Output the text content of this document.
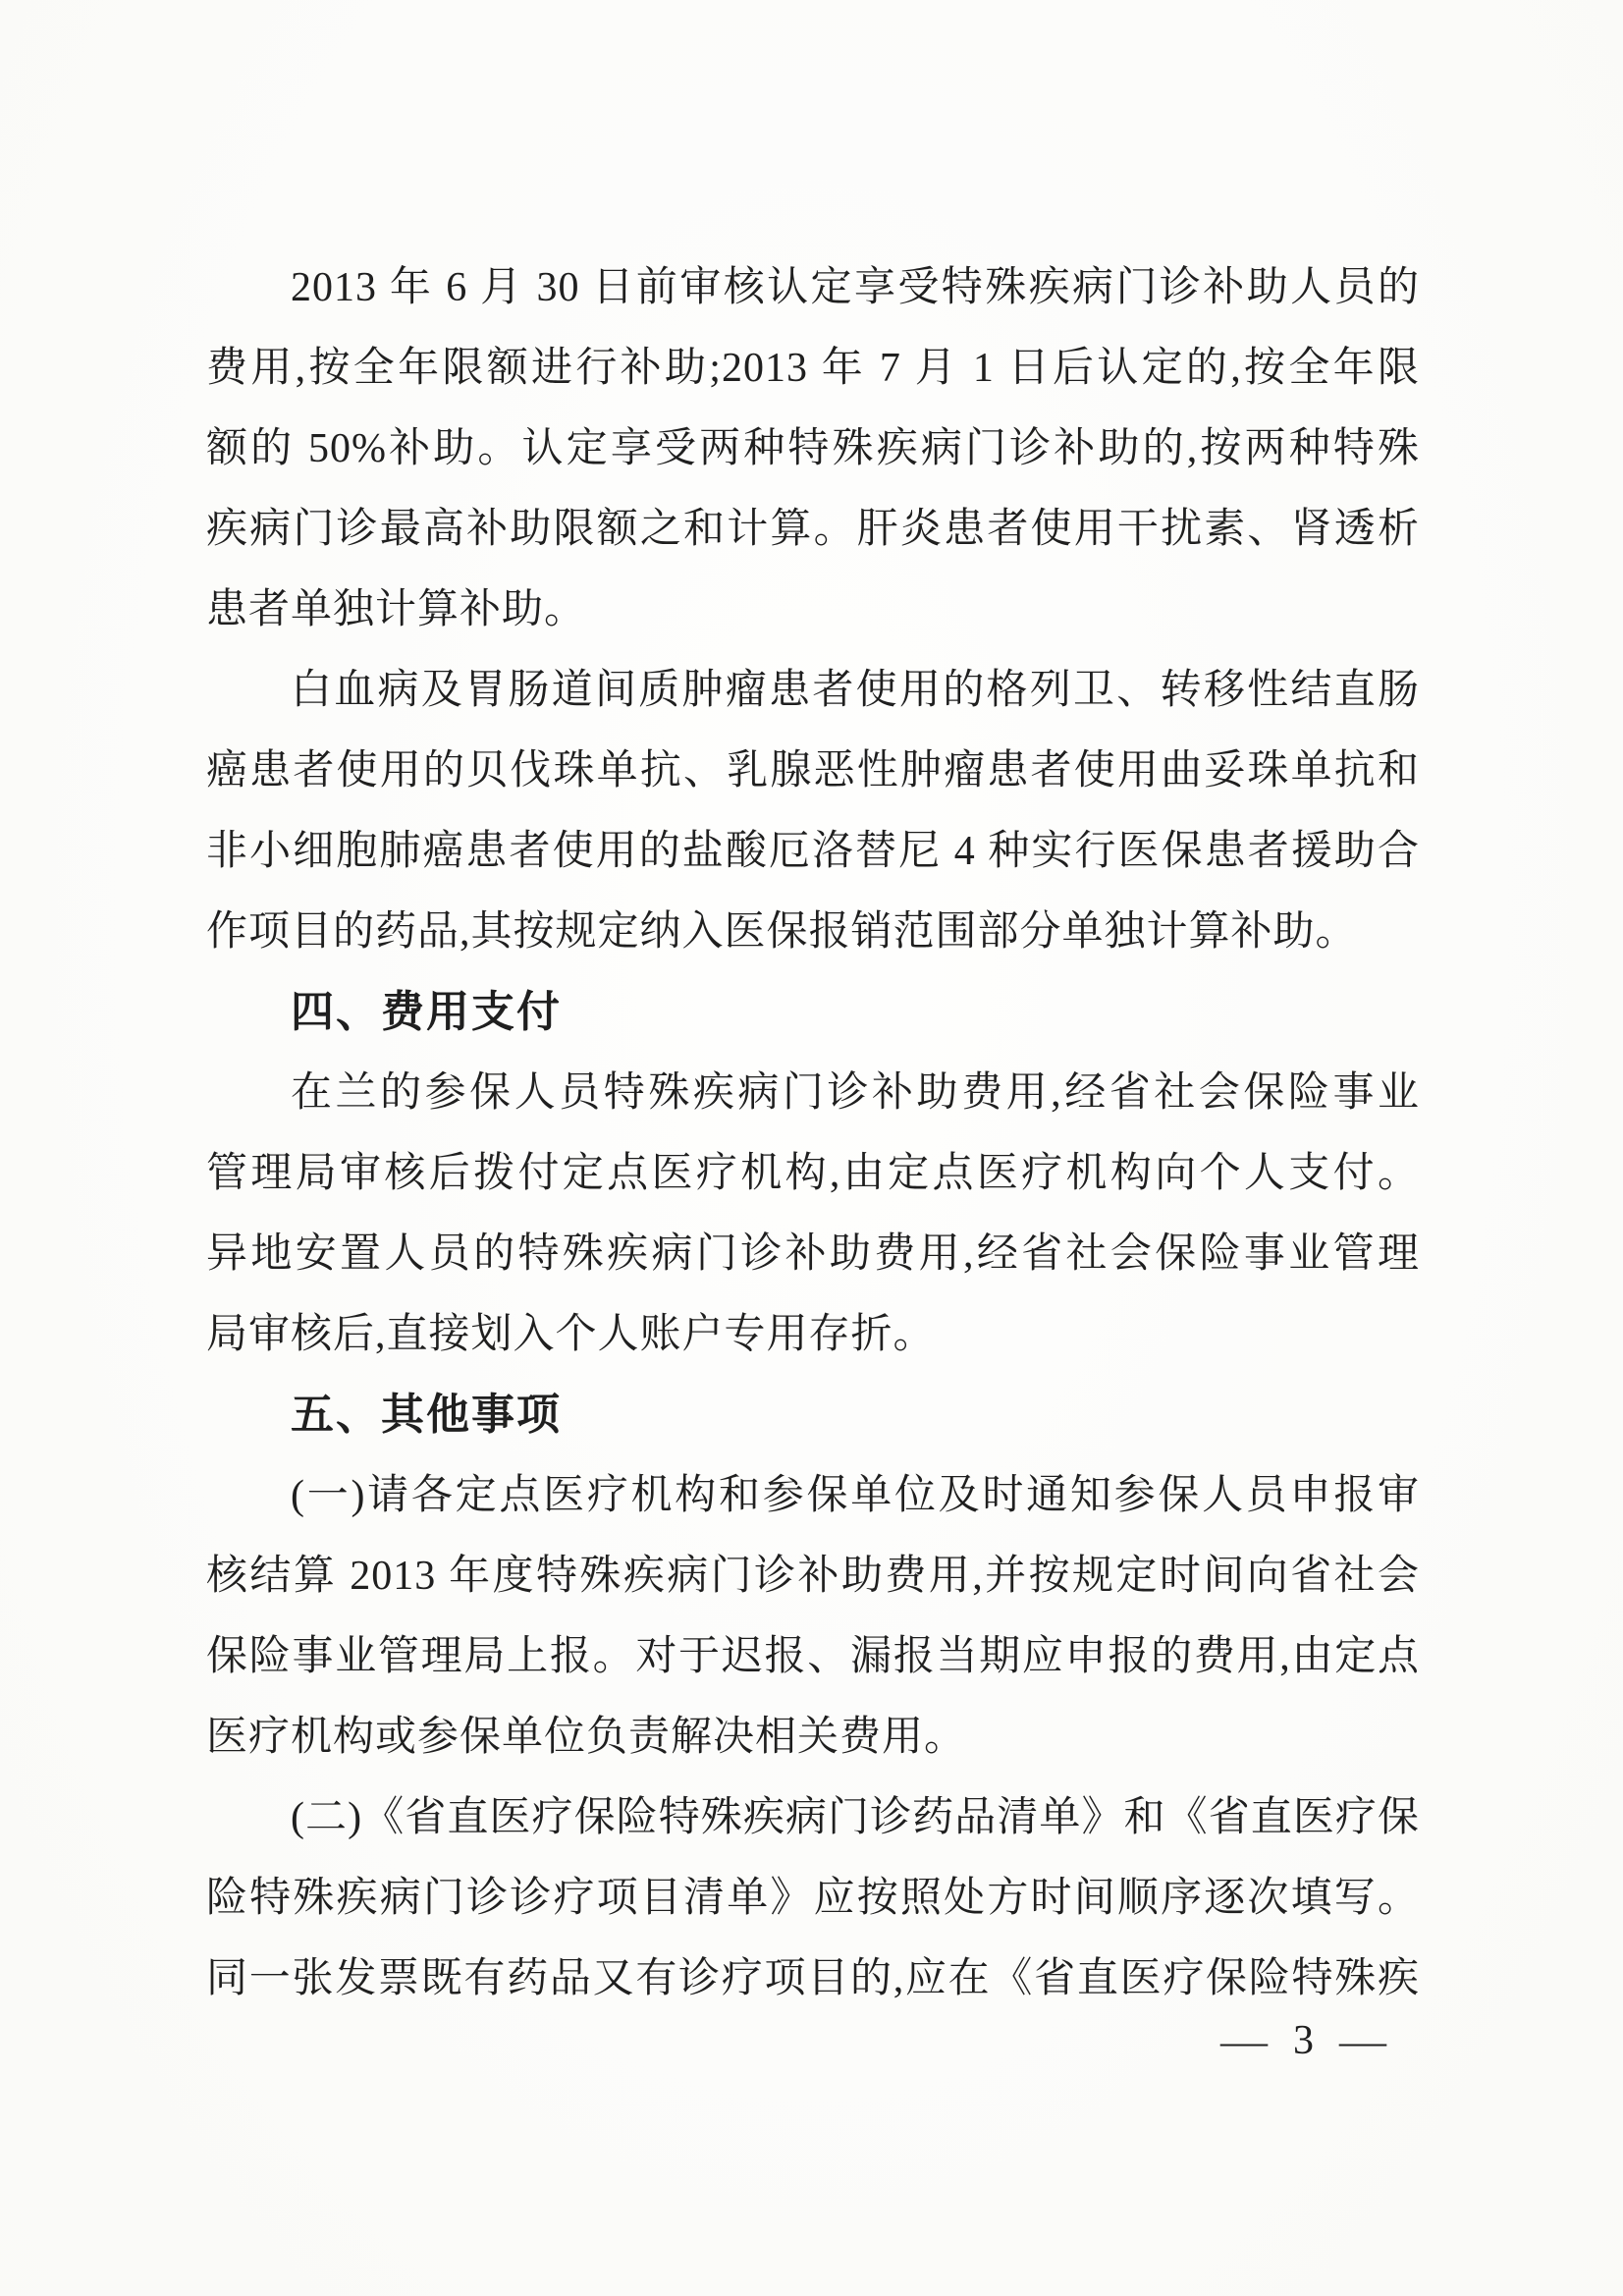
2013 年 6 月 30 日前审核认定享受特殊疾病门诊补助人员的
费用,按全年限额进行补助;2013 年 7 月 1 日后认定的,按全年限
额的 50%补助。认定享受两种特殊疾病门诊补助的,按两种特殊
疾病门诊最高补助限额之和计算。肝炎患者使用干扰素、肾透析
患者单独计算补助。
白血病及胃肠道间质肿瘤患者使用的格列卫、转移性结直肠
癌患者使用的贝伐珠单抗、乳腺恶性肿瘤患者使用曲妥珠单抗和
非小细胞肺癌患者使用的盐酸厄洛替尼 4 种实行医保患者援助合
作项目的药品,其按规定纳入医保报销范围部分单独计算补助。
四、费用支付
在兰的参保人员特殊疾病门诊补助费用,经省社会保险事业
管理局审核后拨付定点医疗机构,由定点医疗机构向个人支付。
异地安置人员的特殊疾病门诊补助费用,经省社会保险事业管理
局审核后,直接划入个人账户专用存折。
五、其他事项
(一)请各定点医疗机构和参保单位及时通知参保人员申报审
核结算 2013 年度特殊疾病门诊补助费用,并按规定时间向省社会
保险事业管理局上报。对于迟报、漏报当期应申报的费用,由定点
医疗机构或参保单位负责解决相关费用。
(二)《省直医疗保险特殊疾病门诊药品清单》和《省直医疗保
险特殊疾病门诊诊疗项目清单》应按照处方时间顺序逐次填写。
同一张发票既有药品又有诊疗项目的,应在《省直医疗保险特殊疾
— 3 —
